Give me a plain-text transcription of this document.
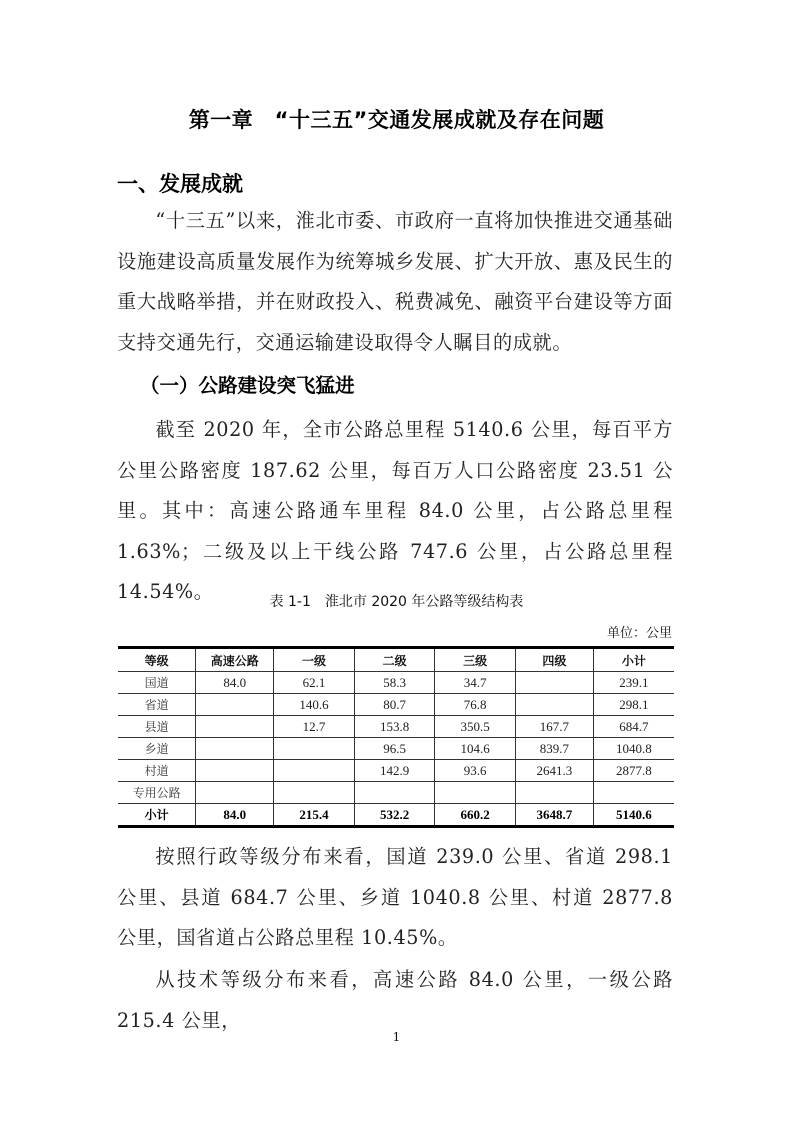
第一章　“十三五”交通发展成就及存在问题
一、发展成就
“十三五”以来，淮北市委、市政府一直将加快推进交通基础设施建设高质量发展作为统筹城乡发展、扩大开放、惠及民生的重大战略举措，并在财政投入、税费减免、融资平台建设等方面支持交通先行，交通运输建设取得令人瞩目的成就。
（一）公路建设突飞猛进
截至 2020 年，全市公路总里程 5140.6 公里，每百平方公里公路密度 187.62 公里，每百万人口公路密度 23.51 公里。其中：高速公路通车里程 84.0 公里，占公路总里程 1.63%；二级及以上干线公路 747.6 公里，占公路总里程 14.54%。	表 1-1　淮北市 2020 年公路等级结构表
单位：公里
等级	高速公路	一级	二级	三级	四级	小计
国道	84.0	62.1	58.3	34.7		239.1
省道		140.6	80.7	76.8		298.1
县道		12.7	153.8	350.5	167.7	684.7
乡道			96.5	104.6	839.7	1040.8
村道			142.9	93.6	2641.3	2877.8
专用公路						
小计	84.0	215.4	532.2	660.2	3648.7	5140.6
按照行政等级分布来看，国道 239.0 公里、省道 298.1 公里、县道 684.7 公里、乡道 1040.8 公里、村道 2877.8 公里，国省道占公路总里程 10.45%。
从技术等级分布来看，高速公路 84.0 公里，一级公路 215.4 公里，
1
